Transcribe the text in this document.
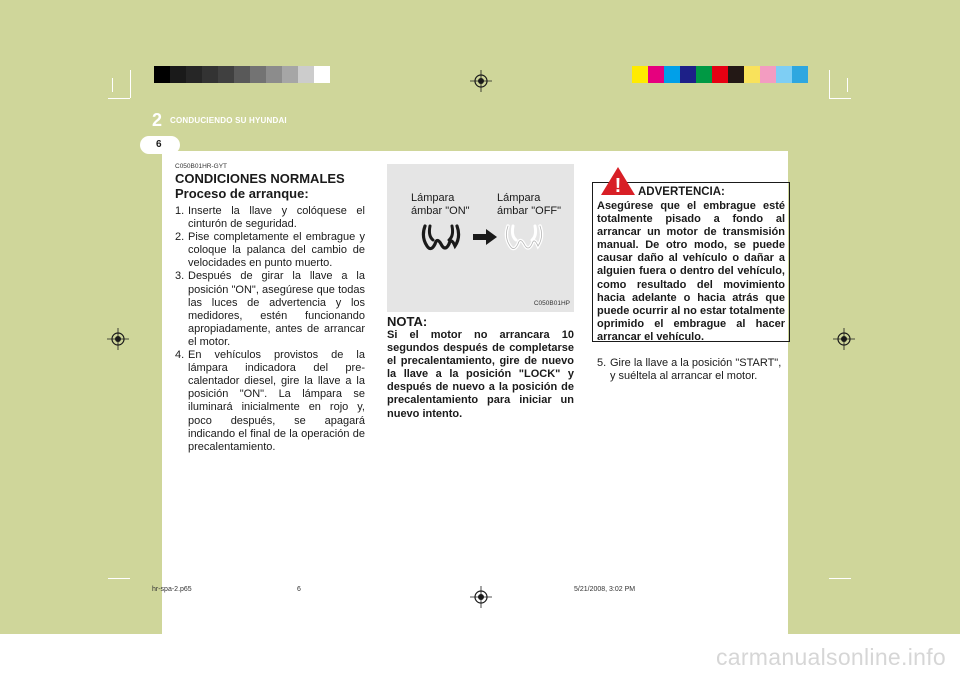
2 CONDUCIENDO SU HYUNDAI
6
C050B01HR-GYT
CONDICIONES NORMALES
Proceso de arranque:
1. Inserte la llave y colóquese el cinturón de seguridad.
2. Pise completamente el embrague y coloque la palanca del cambio de velocidades en punto muerto.
3. Después de girar la llave a la posición "ON", asegúrese que todas las luces de advertencia y los medidores, estén funcionando apropiadamente, antes de arrancar el motor.
4. En vehículos provistos de la lámpara indicadora del pre-calentador diesel, gire la llave a la posición "ON". La lámpara se iluminará inicialmente en rojo y, poco después, se apagará indicando el final de la operación de precalentamiento.
Lámpara
ámbar "ON"
Lámpara
ámbar "OFF"
C050B01HP
NOTA:
Si el motor no arrancara 10 segundos después de completarse el precalentamiento, gire de nuevo la llave a la posición "LOCK" y después de nuevo a la posición de precalentamiento para iniciar un nuevo intento.
! ADVERTENCIA:
Asegúrese que el embrague esté totalmente pisado a fondo al arrancar un motor de transmisión manual. De otro modo, se puede causar daño al vehículo o dañar a alguien fuera o dentro del vehículo, como resultado del movimiento hacia adelante o hacia atrás que puede ocurrir al no estar totalmente oprimido el embrague al hacer arrancar el vehículo.
5. Gire la llave a la posición "START", y suéltela al arrancar el motor.
hr-spa-2.p65	6	5/21/2008, 3:02 PM
carmanualsonline.info
